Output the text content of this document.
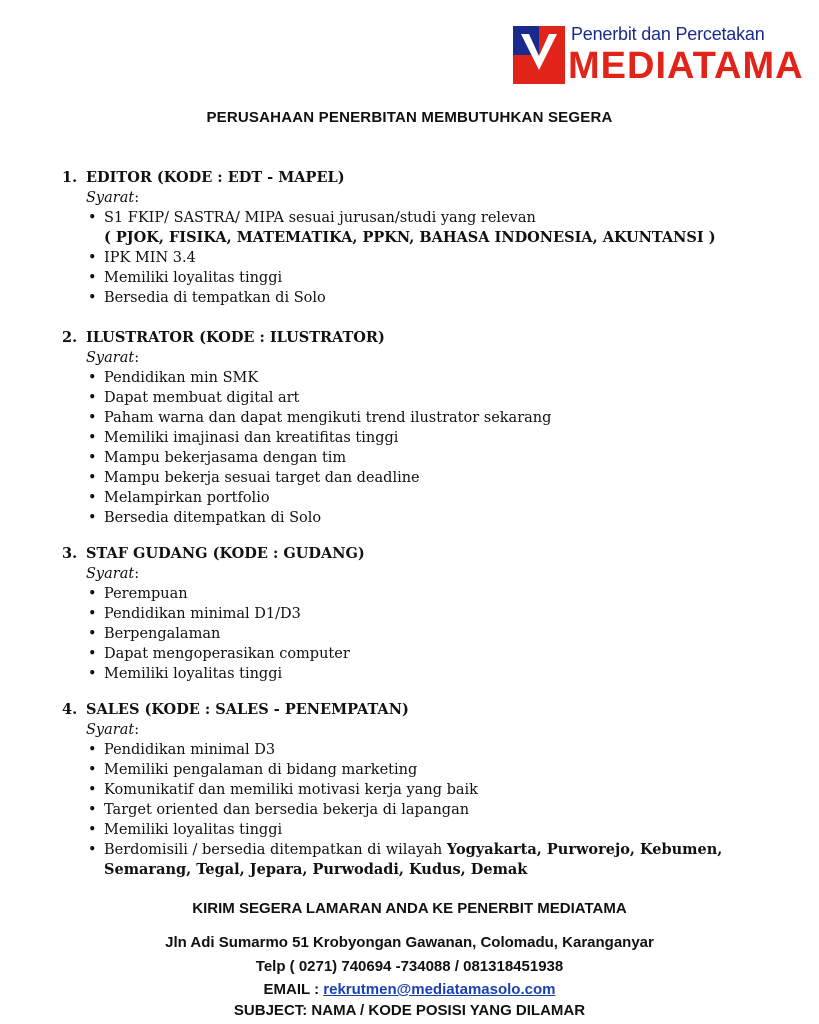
Penerbit dan Percetakan
MEDIATAMA
PERUSAHAAN PENERBITAN MEMBUTUHKAN SEGERA
1. EDITOR (KODE : EDT - MAPEL)
Syarat:
• S1 FKIP/ SASTRA/ MIPA sesuai jurusan/studi yang relevan
( PJOK, FISIKA, MATEMATIKA, PPKN, BAHASA INDONESIA, AKUNTANSI )
• IPK MIN 3.4
• Memiliki loyalitas tinggi
• Bersedia di tempatkan di Solo
2. ILUSTRATOR (KODE : ILUSTRATOR)
Syarat:
• Pendidikan min SMK
• Dapat membuat digital art
• Paham warna dan dapat mengikuti trend ilustrator sekarang
• Memiliki imajinasi dan kreatifitas tinggi
• Mampu bekerjasama dengan tim
• Mampu bekerja sesuai target dan deadline
• Melampirkan portfolio
• Bersedia ditempatkan di Solo
3. STAF GUDANG (KODE : GUDANG)
Syarat:
• Perempuan
• Pendidikan minimal D1/D3
• Berpengalaman
• Dapat mengoperasikan computer
• Memiliki loyalitas tinggi
4. SALES (KODE : SALES - PENEMPATAN)
Syarat:
• Pendidikan minimal D3
• Memiliki pengalaman di bidang marketing
• Komunikatif dan memiliki motivasi kerja yang baik
• Target oriented dan bersedia bekerja di lapangan
• Memiliki loyalitas tinggi
• Berdomisili / bersedia ditempatkan di wilayah Yogyakarta, Purworejo, Kebumen,
Semarang, Tegal, Jepara, Purwodadi, Kudus, Demak
KIRIM SEGERA LAMARAN ANDA KE PENERBIT MEDIATAMA
Jln Adi Sumarmo 51 Krobyongan Gawanan, Colomadu, Karanganyar
Telp ( 0271) 740694 -734088 / 081318451938
EMAIL : rekrutmen@mediatamasolo.com
SUBJECT: NAMA / KODE POSISI YANG DILAMAR
